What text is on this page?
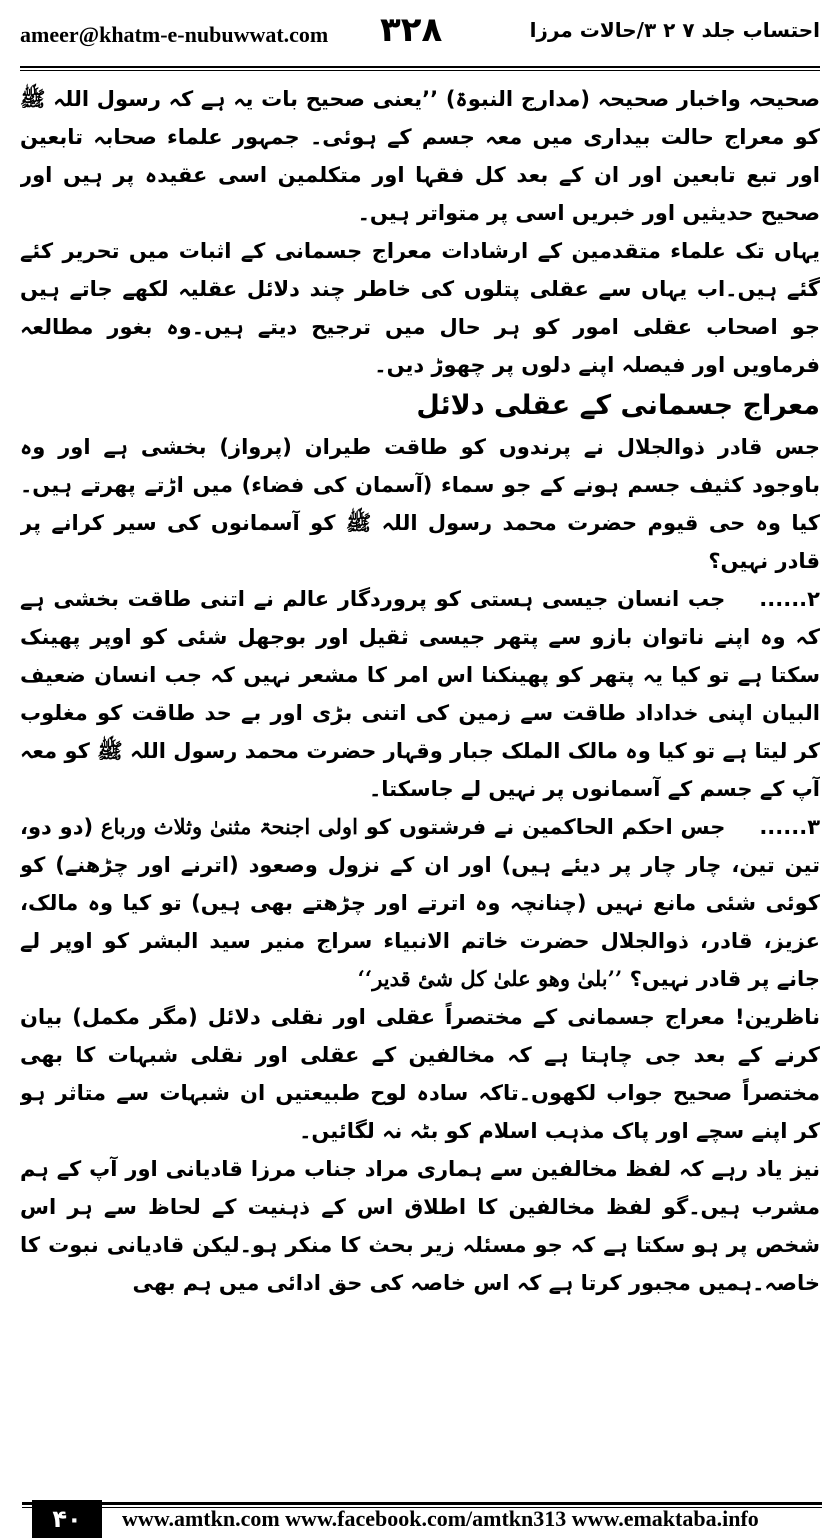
ameer@khatm-e-nubuwwat.com ۳۲۸	احتساب جلد ۷ ۲ ۳/حالات مرزا

صحیحہ واخبار صحیحہ (مدارج النبوۃ) ’’یعنی صحیح بات یہ ہے کہ رسول اللہ ﷺ کو معراج حالت بیداری میں معہ جسم کے ہوئی۔ جمہور علماء صحابہ تابعین اور تبع تابعین اور ان کے بعد کل فقہا اور متکلمین اسی عقیدہ پر ہیں اور صحیح حدیثیں اور خبریں اسی پر متواتر ہیں۔

یہاں تک علماء متقدمین کے ارشادات معراج جسمانی کے اثبات میں تحریر کئے گئے ہیں۔اب یہاں سے عقلی پتلوں کی خاطر چند دلائل عقلیہ لکھے جاتے ہیں جو اصحاب عقلی امور کو ہر حال میں ترجیح دیتے ہیں۔وہ بغور مطالعہ فرماویں اور فیصلہ اپنے دلوں پر چھوڑ دیں۔

معراج جسمانی کے عقلی دلائل

جس قادر ذوالجلال نے پرندوں کو طاقت طیران (پرواز) بخشی ہے اور وہ باوجود کثیف جسم ہونے کے جو سماء (آسمان کی فضاء) میں اڑتے پھرتے ہیں۔کیا وہ حی قیوم حضرت محمد رسول اللہ ﷺ کو آسمانوں کی سیر کرانے پر قادر نہیں؟

۲......جب انسان جیسی ہستی کو پروردگار عالم نے اتنی طاقت بخشی ہے کہ وہ اپنے ناتوان بازو سے پتھر جیسی ثقیل اور بوجھل شئی کو اوپر پھینک سکتا ہے تو کیا یہ پتھر کو پھینکنا اس امر کا مشعر نہیں کہ جب انسان ضعیف البیان اپنی خداداد طاقت سے زمین کی اتنی بڑی اور بے حد طاقت کو مغلوب کر لیتا ہے تو کیا وہ مالک الملک جبار وقہار حضرت محمد رسول اللہ ﷺ کو معہ آپ کے جسم کے آسمانوں پر نہیں لے جاسکتا۔

۳......جس احکم الحاکمین نے فرشتوں کو اولی اجنحۃ مثنیٰ وثلاث ورباع (دو دو، تین تین، چار چار پر دیئے ہیں) اور ان کے نزول وصعود (اترنے اور چڑھنے) کو کوئی شئی مانع نہیں (چنانچہ وہ اترتے اور چڑھتے بھی ہیں) تو کیا وہ مالک، عزیز، قادر، ذوالجلال حضرت خاتم الانبیاء سراج منیر سید البشر کو اوپر لے جانے پر قادر نہیں؟ ’’بلیٰ وھو علیٰ کل شئ قدیر‘‘

ناظرین! معراج جسمانی کے مختصراً عقلی اور نقلی دلائل (مگر مکمل) بیان کرنے کے بعد جی چاہتا ہے کہ مخالفین کے عقلی اور نقلی شبہات کا بھی مختصراً صحیح جواب لکھوں۔تاکہ سادہ لوح طبیعتیں ان شبہات سے متاثر ہو کر اپنے سچے اور پاک مذہب اسلام کو بٹہ نہ لگائیں۔

نیز یاد رہے کہ لفظ مخالفین سے ہماری مراد جناب مرزا قادیانی اور آپ کے ہم مشرب ہیں۔گو لفظ مخالفین کا اطلاق اس کے ذہنیت کے لحاظ سے ہر اس شخص پر ہو سکتا ہے کہ جو مسئلہ زیر بحث کا منکر ہو۔لیکن قادیانی نبوت کا خاصہ۔ہمیں مجبور کرتا ہے کہ اس خاصہ کی حق ادائی میں ہم بھی

۴۰	www.amtkn.com www.facebook.com/amtkn313 www.emaktaba.info
